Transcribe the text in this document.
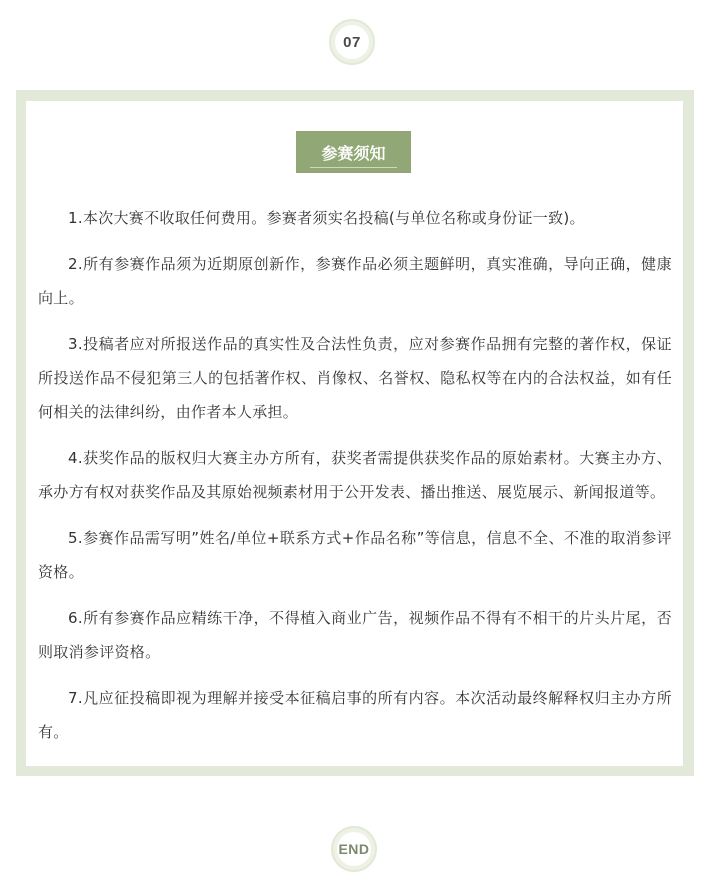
07
参赛须知

1.本次大赛不收取任何费用。参赛者须实名投稿(与单位名称或身份证一致)。

2.所有参赛作品须为近期原创新作，参赛作品必须主题鲜明，真实准确，导向正确，健康向上。

3.投稿者应对所报送作品的真实性及合法性负责，应对参赛作品拥有完整的著作权，保证所投送作品不侵犯第三人的包括著作权、肖像权、名誉权、隐私权等在内的合法权益，如有任何相关的法律纠纷，由作者本人承担。

4.获奖作品的版权归大赛主办方所有，获奖者需提供获奖作品的原始素材。大赛主办方、承办方有权对获奖作品及其原始视频素材用于公开发表、播出推送、展览展示、新闻报道等。

5.参赛作品需写明”姓名/单位+联系方式+作品名称”等信息，信息不全、不准的取消参评资格。

6.所有参赛作品应精练干净，不得植入商业广告，视频作品不得有不相干的片头片尾，否则取消参评资格。

7.凡应征投稿即视为理解并接受本征稿启事的所有内容。本次活动最终解释权归主办方所有。

END
